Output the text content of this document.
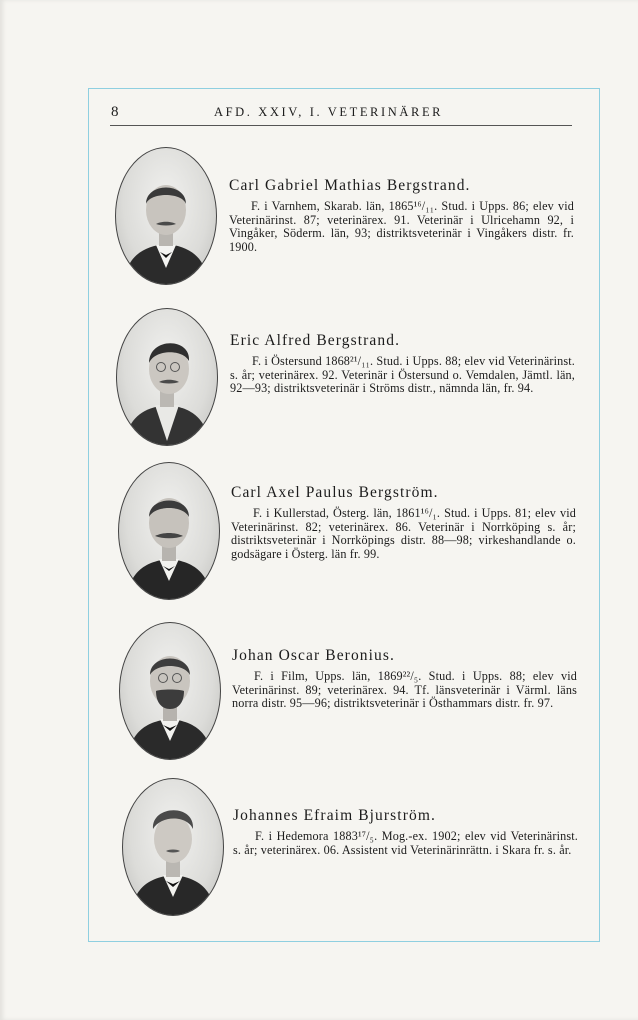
8	AFD. XXIV, I. VETERINÄRER

Carl Gabriel Mathias Bergstrand.

F. i Varnhem, Skarab. län, 1865¹⁶/₁₁. Stud. i Upps. 86; elev vid Veterinärinst. 87; veterinärex. 91. Veterinär i Ulricehamn 92, i Vingåker, Söderm. län, 93; distriktsveterinär i Vingåkers distr. fr. 1900.

Eric Alfred Bergstrand.

F. i Östersund 1868²¹/₁₁. Stud. i Upps. 88; elev vid Veterinärinst. s. år; veterinärex. 92. Veterinär i Östersund o. Vemdalen, Jämtl. län, 92—93; distriktsveterinär i Ströms distr., nämnda län, fr. 94.

Carl Axel Paulus Bergström.

F. i Kullerstad, Österg. län, 1861¹⁶/₁. Stud. i Upps. 81; elev vid Veterinärinst. 82; veterinärex. 86. Veterinär i Norrköping s. år; distriktsveterinär i Norrköpings distr. 88—98; virkeshandlande o. godsägare i Österg. län fr. 99.

Johan Oscar Beronius.

F. i Film, Upps. län, 1869²²/₅. Stud. i Upps. 88; elev vid Veterinärinst. 89; veterinärex. 94. Tf. länsveterinär i Värml. läns norra distr. 95—96; distriktsveterinär i Östhammars distr. fr. 97.

Johannes Efraim Bjurström.

F. i Hedemora 1883¹⁷/₅. Mog.-ex. 1902; elev vid Veterinärinst. s. år; veterinärex. 06. Assistent vid Veterinärinrättn. i Skara fr. s. år.
